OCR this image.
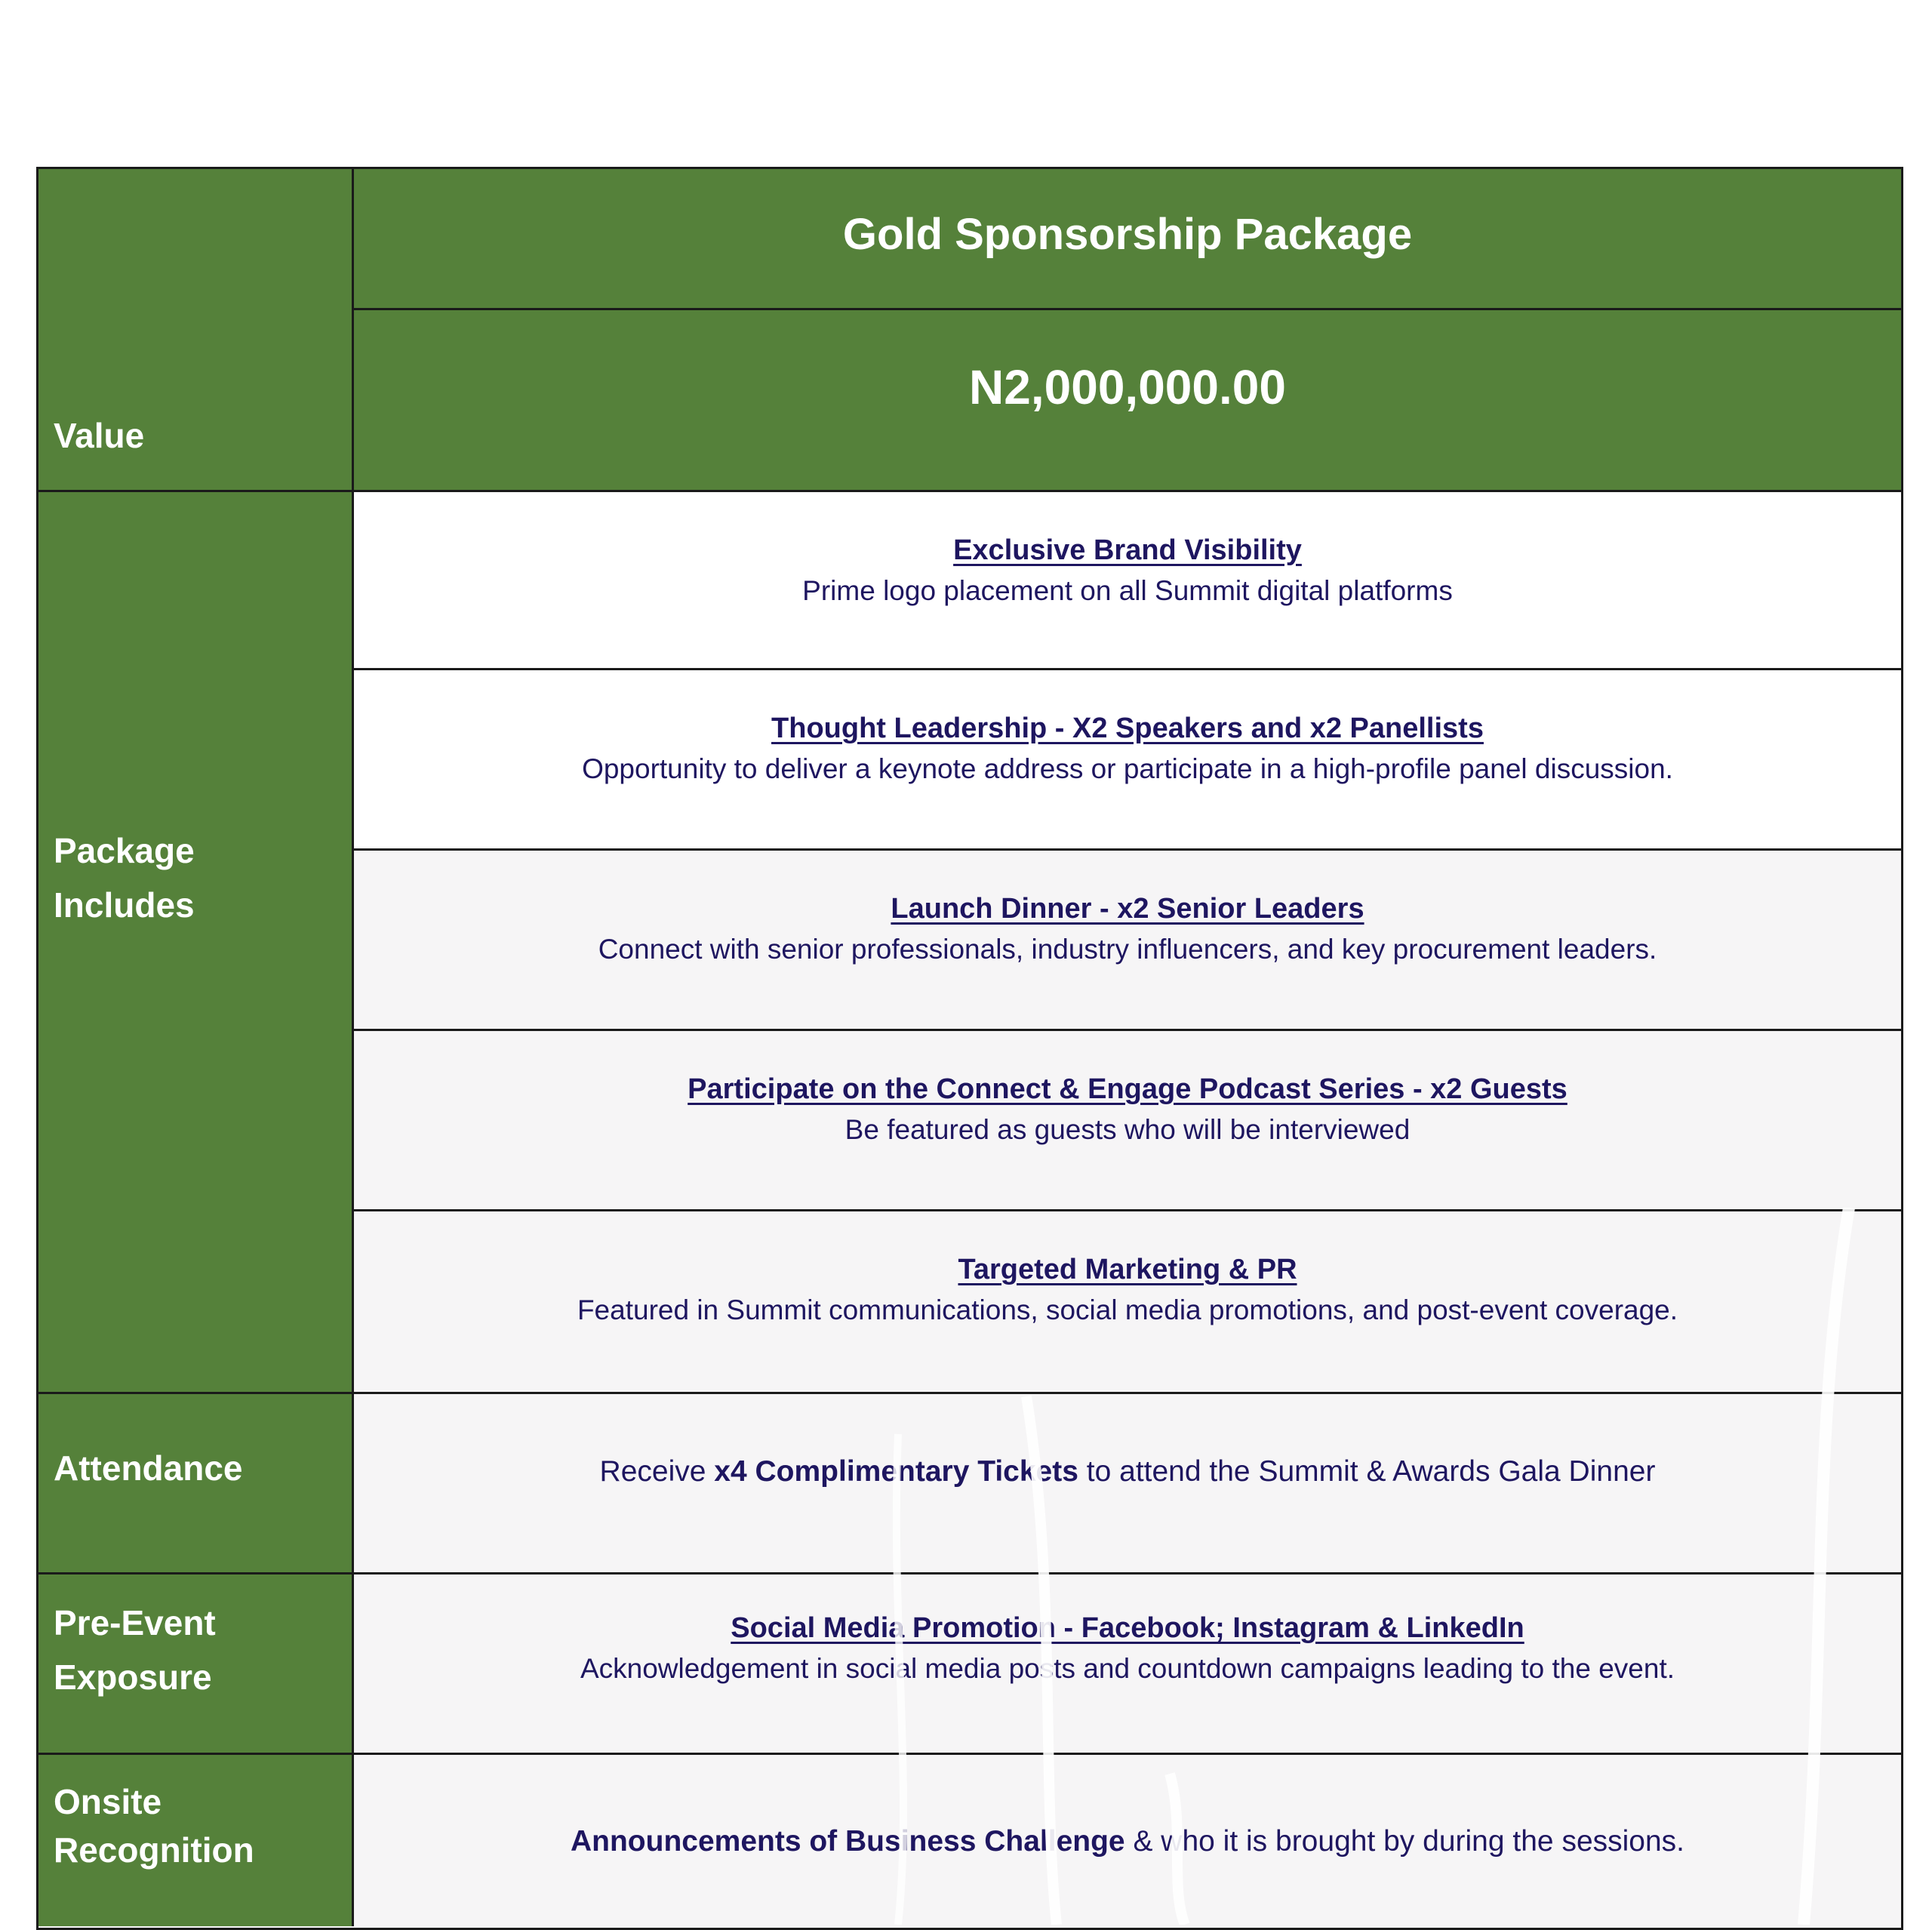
Value
Gold Sponsorship Package
N2,000,000.00
Package
Includes
Exclusive Brand Visibility
Prime logo placement on all Summit digital platforms
Thought Leadership - X2 Speakers and x2 Panellists
Opportunity to deliver a keynote address or participate in a high-profile panel discussion.
Launch Dinner - x2 Senior Leaders
Connect with senior professionals, industry influencers, and key procurement leaders.
Participate on the Connect & Engage Podcast Series - x2 Guests
Be featured as guests who will be interviewed
Targeted Marketing & PR
Featured in Summit communications, social media promotions, and post-event coverage.
Attendance	Receive x4 Complimentary Tickets to attend the Summit & Awards Gala Dinner
Pre-Event
Exposure
Social Media Promotion - Facebook; Instagram & LinkedIn
Acknowledgement in social media posts and countdown campaigns leading to the event.
Onsite
Recognition	Announcements of Business Challenge & who it is brought by during the sessions.
